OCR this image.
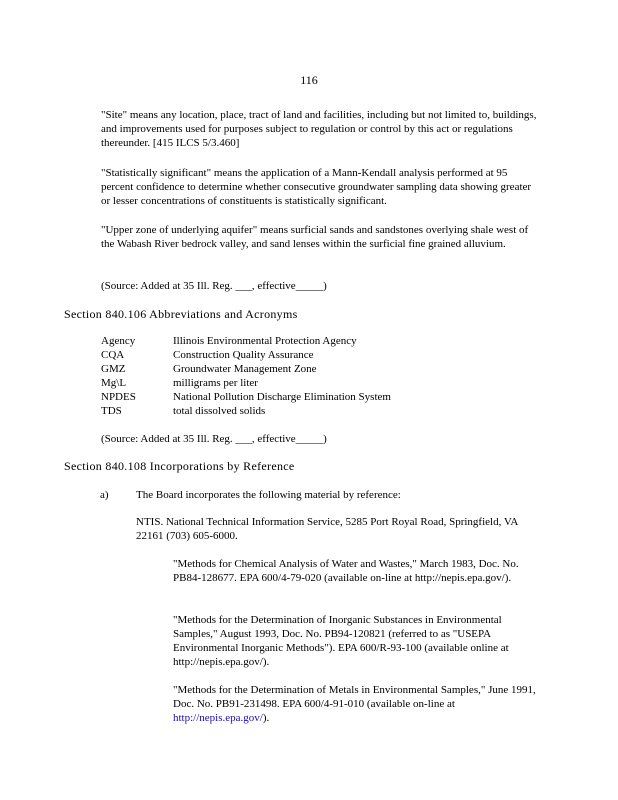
116

"Site" means any location, place, tract of land and facilities, including but not limited to, buildings, and improvements used for purposes subject to regulation or control by this act or regulations thereunder. [415 ILCS 5/3.460]

"Statistically significant" means the application of a Mann-Kendall analysis performed at 95 percent confidence to determine whether consecutive groundwater sampling data showing greater or lesser concentrations of constituents is statistically significant.

"Upper zone of underlying aquifer" means surficial sands and sandstones overlying shale west of the Wabash River bedrock valley, and sand lenses within the surficial fine grained alluvium.

(Source: Added at 35 Ill. Reg. ___, effective_____)

Section 840.106 Abbreviations and Acronyms
Agency	Illinois Environmental Protection Agency
CQA	Construction Quality Assurance
GMZ	Groundwater Management Zone
Mg\L	milligrams per liter
NPDES	National Pollution Discharge Elimination System
TDS	total dissolved solids

(Source: Added at 35 Ill. Reg. ___, effective_____)

Section 840.108 Incorporations by Reference
a) The Board incorporates the following material by reference:

NTIS. National Technical Information Service, 5285 Port Royal Road, Springfield, VA 22161 (703) 605-6000.

"Methods for Chemical Analysis of Water and Wastes," March 1983, Doc. No. PB84-128677. EPA 600/4-79-020 (available on-line at http://nepis.epa.gov/).

"Methods for the Determination of Inorganic Substances in Environmental Samples," August 1993, Doc. No. PB94-120821 (referred to as "USEPA Environmental Inorganic Methods"). EPA 600/R-93-100 (available online at http://nepis.epa.gov/).

"Methods for the Determination of Metals in Environmental Samples," June 1991, Doc. No. PB91-231498. EPA 600/4-91-010 (available on-line at http://nepis.epa.gov/).
